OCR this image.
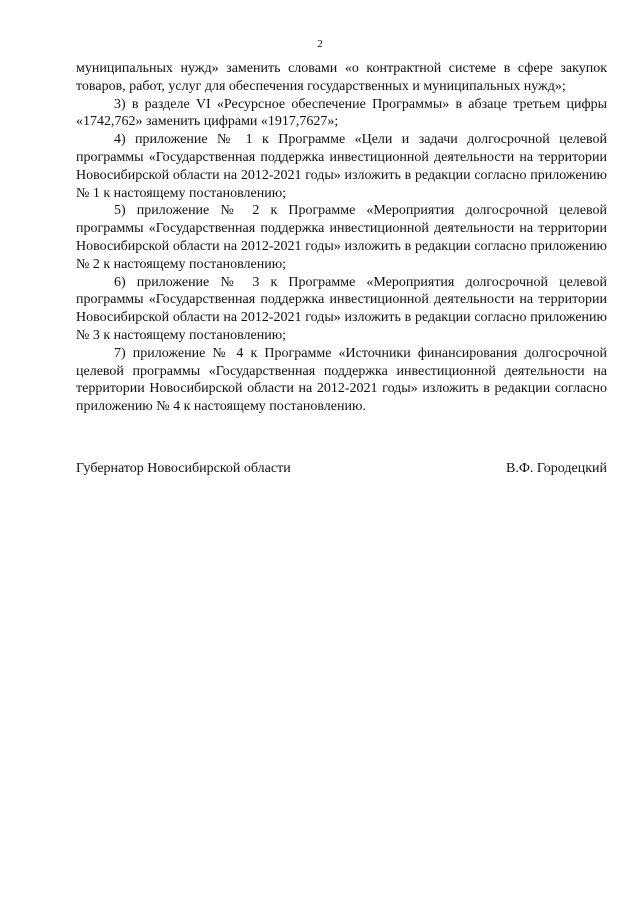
2

муниципальных нужд» заменить словами «о контрактной системе в сфере закупок товаров, работ, услуг для обеспечения государственных и муниципальных нужд»;

3) в разделе VI «Ресурсное обеспечение Программы» в абзаце третьем цифры «1742,762» заменить цифрами «1917,7627»;

4) приложение № 1 к Программе «Цели и задачи долгосрочной целевой программы «Государственная поддержка инвестиционной деятельности на территории Новосибирской области на 2012-2021 годы» изложить в редакции согласно приложению № 1 к настоящему постановлению;

5) приложение № 2 к Программе «Мероприятия долгосрочной целевой программы «Государственная поддержка инвестиционной деятельности на территории Новосибирской области на 2012-2021 годы» изложить в редакции согласно приложению № 2 к настоящему постановлению;

6) приложение № 3 к Программе «Мероприятия долгосрочной целевой программы «Государственная поддержка инвестиционной деятельности на территории Новосибирской области на 2012-2021 годы» изложить в редакции согласно приложению № 3 к настоящему постановлению;

7) приложение № 4 к Программе «Источники финансирования долгосрочной целевой программы «Государственная поддержка инвестиционной деятельности на территории Новосибирской области на 2012-2021 годы» изложить в редакции согласно приложению № 4 к настоящему постановлению.

Губернатор Новосибирской области	В.Ф. Городецкий
